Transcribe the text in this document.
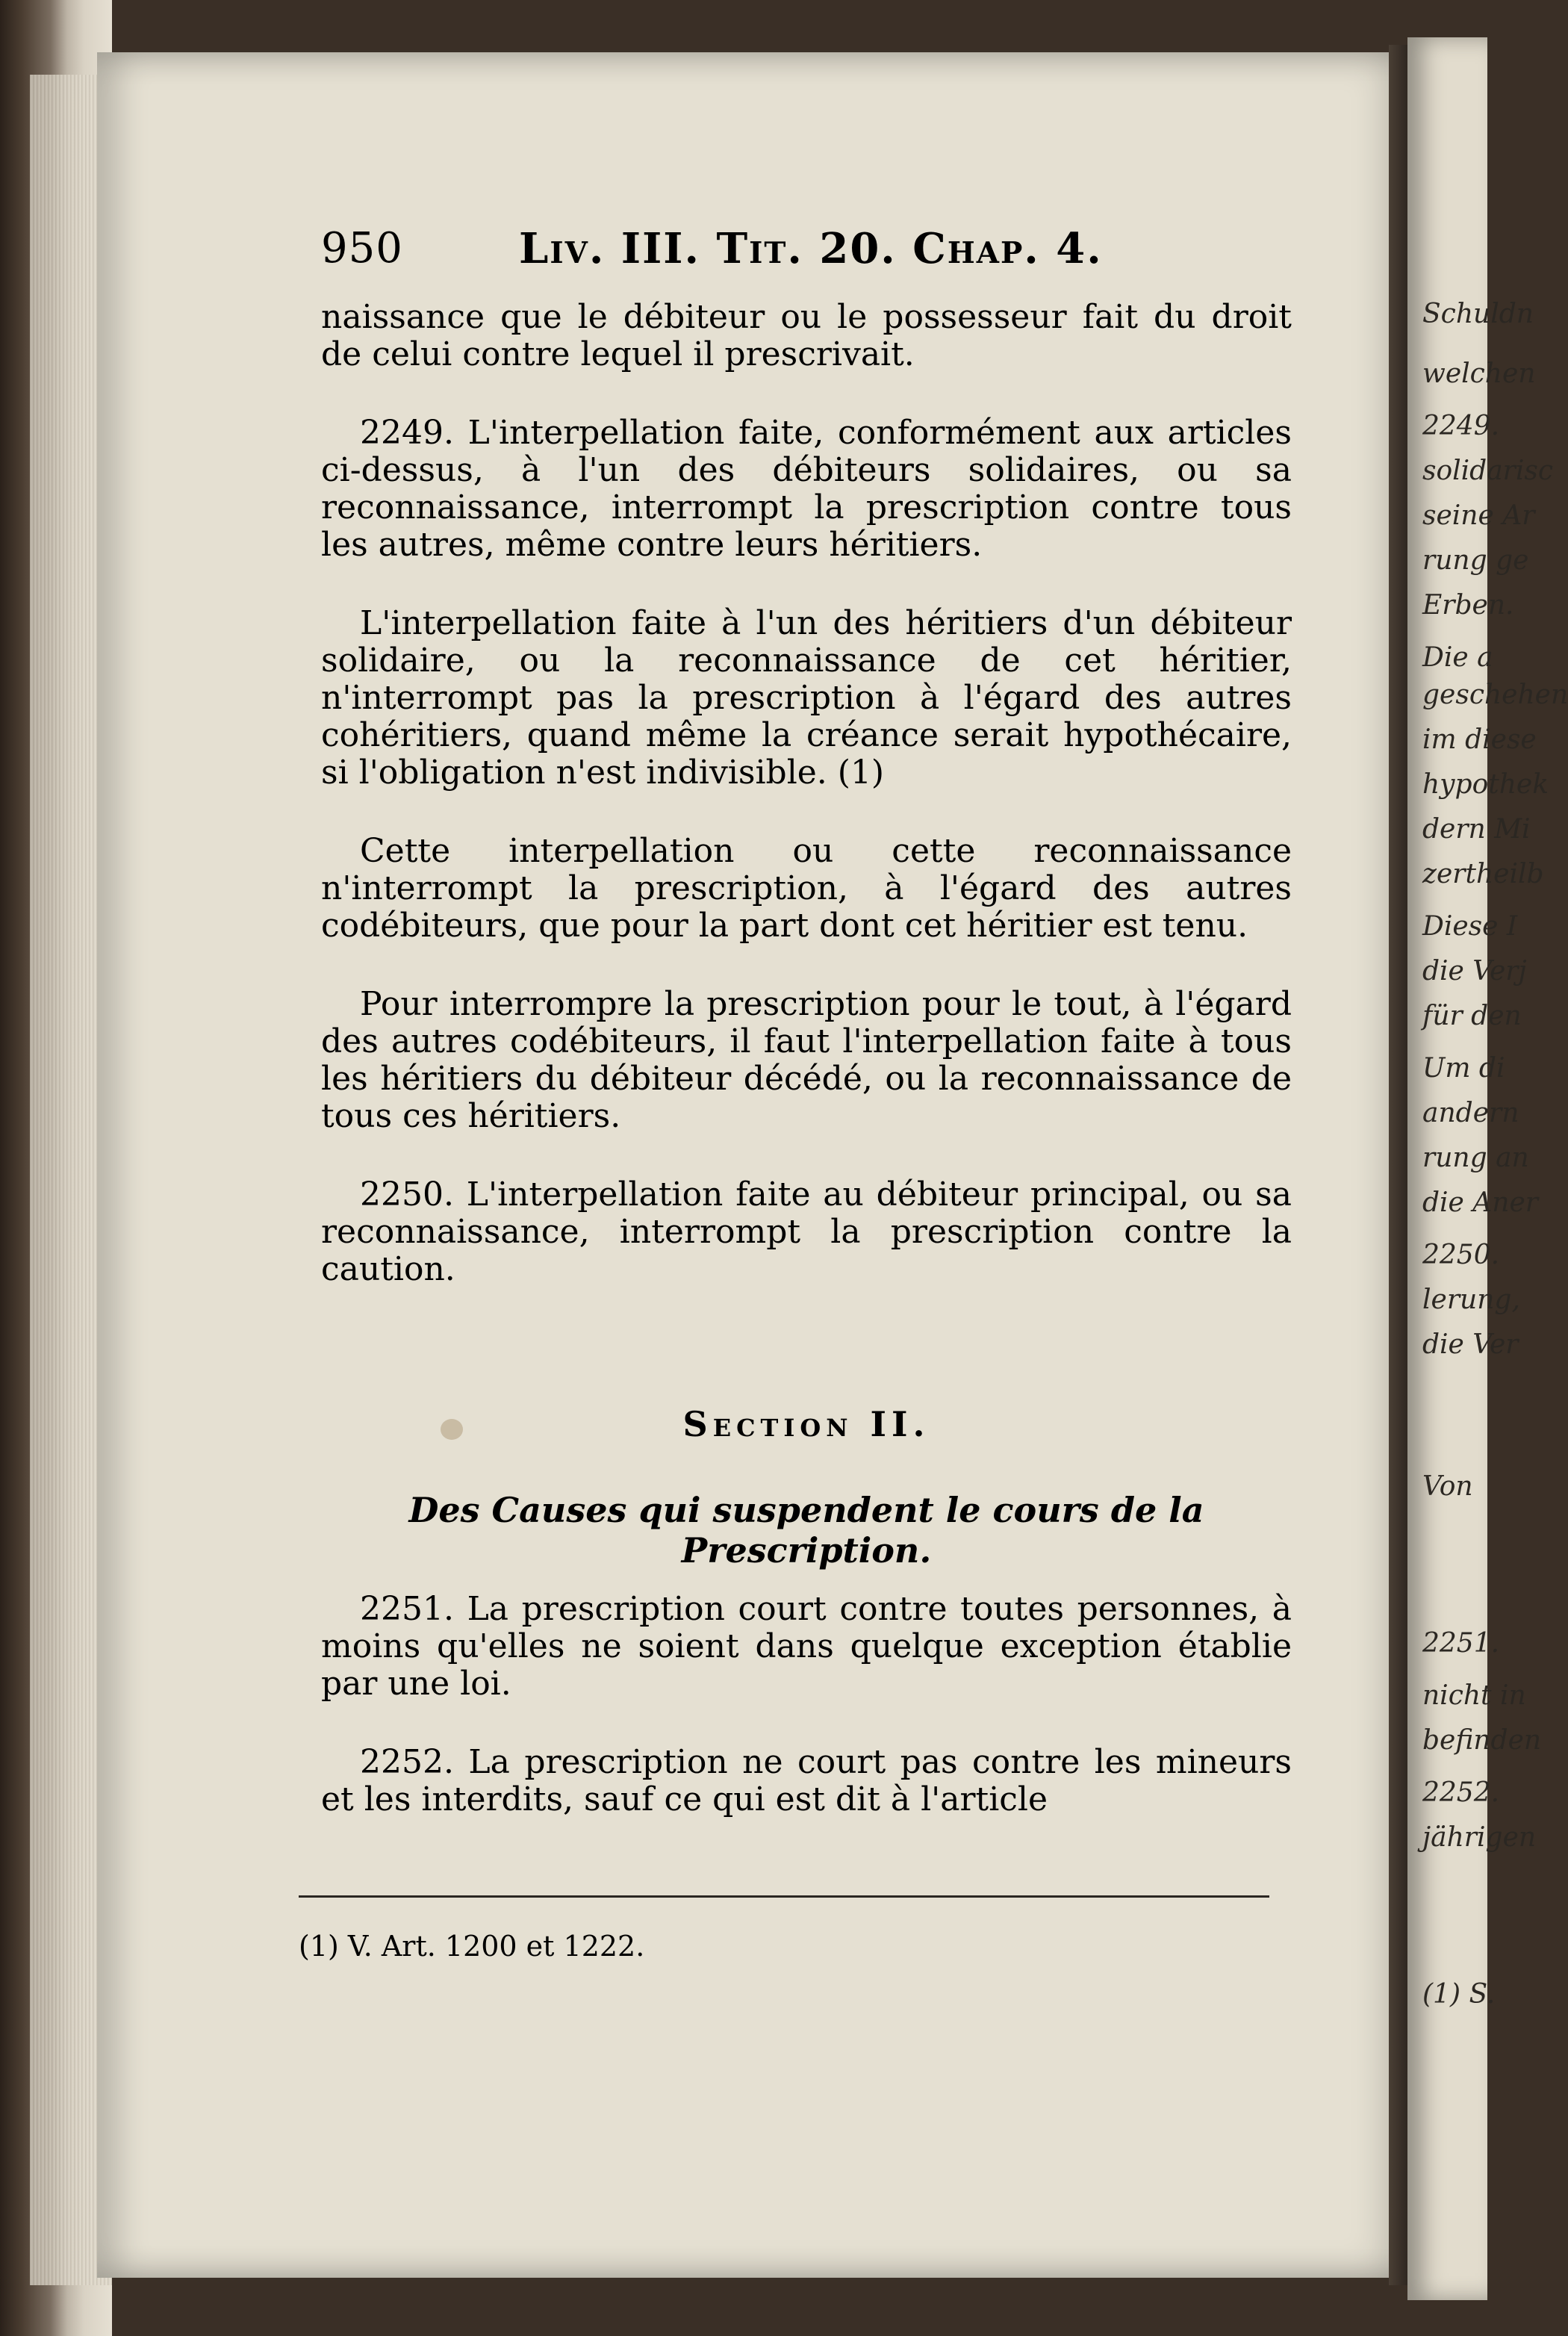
Schuldn
welchen
2249.
solidarisc
seine Ar
rung ge
Erben.
Die a
geschehen
im diese
hypothek
dern Mi
zertheilb
Diese I
die Verj
für den
Um di
andern
rung an
die Aner
2250.
lerung,
die Ver
Von
2251.
nicht in
befinden
2252.
jährigen
(1) S.
950	Liv. III. Tit. 20. Chap. 4.

naissance que le débiteur ou le possesseur fait du droit de celui contre lequel il prescrivait.

2249. L'interpellation faite, conformément aux articles ci-dessus, à l'un des débiteurs solidaires, ou sa reconnaissance, interrompt la prescription contre tous les autres, même contre leurs héritiers.

L'interpellation faite à l'un des héritiers d'un débiteur solidaire, ou la reconnaissance de cet héritier, n'interrompt pas la prescription à l'égard des autres cohéritiers, quand même la créance serait hypothécaire, si l'obligation n'est indivisible. (1)

Cette interpellation ou cette reconnaissance n'interrompt la prescription, à l'égard des autres codébiteurs, que pour la part dont cet héritier est tenu.

Pour interrompre la prescription pour le tout, à l'égard des autres codébiteurs, il faut l'interpellation faite à tous les héritiers du débiteur décédé, ou la reconnaissance de tous ces héritiers.

2250. L'interpellation faite au débiteur principal, ou sa reconnaissance, interrompt la prescription contre la caution.

Section II.
Des Causes qui suspendent le cours de la Prescription.

2251. La prescription court contre toutes personnes, à moins qu'elles ne soient dans quelque exception établie par une loi.

2252. La prescription ne court pas contre les mineurs et les interdits, sauf ce qui est dit à l'article

(1) V. Art. 1200 et 1222.
